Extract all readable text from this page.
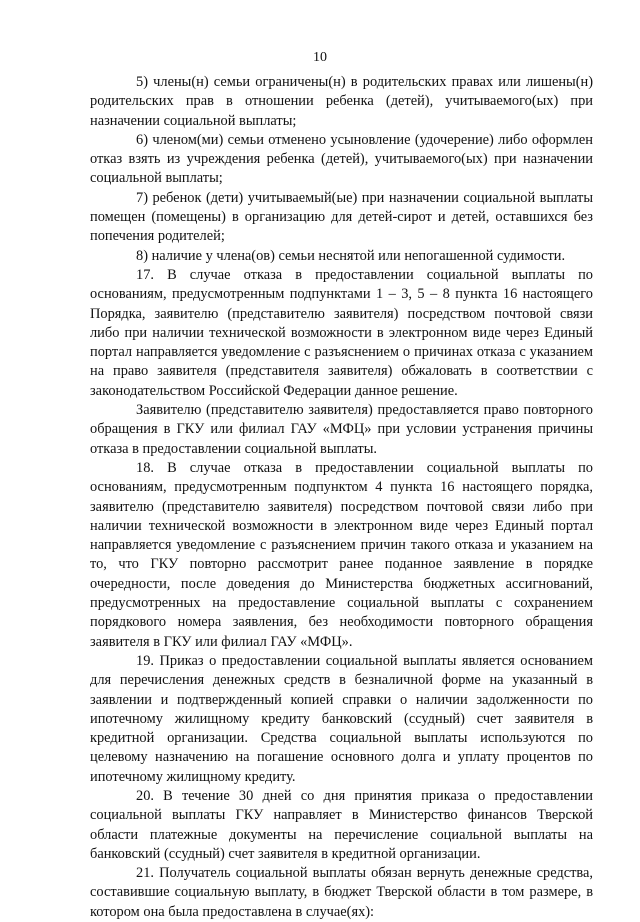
10

5) члены(н) семьи ограничены(н) в родительских правах или лишены(н) родительских прав в отношении ребенка (детей), учитываемого(ых) при назначении социальной выплаты;

6) членом(ми) семьи отменено усыновление (удочерение) либо оформлен отказ взять из учреждения ребенка (детей), учитываемого(ых) при назначении социальной выплаты;

7) ребенок (дети) учитываемый(ые) при назначении социальной выплаты помещен (помещены) в организацию для детей-сирот и детей, оставшихся без попечения родителей;

8) наличие у члена(ов) семьи неснятой или непогашенной судимости.

17. В случае отказа в предоставлении социальной выплаты по основаниям, предусмотренным подпунктами 1 – 3, 5 – 8 пункта 16 настоящего Порядка, заявителю (представителю заявителя) посредством почтовой связи либо при наличии технической возможности в электронном виде через Единый портал направляется уведомление с разъяснением о причинах отказа с указанием на право заявителя (представителя заявителя) обжаловать в соответствии с законодательством Российской Федерации данное решение.

Заявителю (представителю заявителя) предоставляется право повторного обращения в ГКУ или филиал ГАУ «МФЦ» при условии устранения причины отказа в предоставлении социальной выплаты.

18. В случае отказа в предоставлении социальной выплаты по основаниям, предусмотренным подпунктом 4 пункта 16 настоящего порядка, заявителю (представителю заявителя) посредством почтовой связи либо при наличии технической возможности в электронном виде через Единый портал направляется уведомление с разъяснением причин такого отказа и указанием на то, что ГКУ повторно рассмотрит ранее поданное заявление в порядке очередности, после доведения до Министерства бюджетных ассигнований, предусмотренных на предоставление социальной выплаты с сохранением порядкового номера заявления, без необходимости повторного обращения заявителя в ГКУ или филиал ГАУ «МФЦ».

19. Приказ о предоставлении социальной выплаты является основанием для перечисления денежных средств в безналичной форме на указанный в заявлении и подтвержденный копией справки о наличии задолженности по ипотечному жилищному кредиту банковский (ссудный) счет заявителя в кредитной организации. Средства социальной выплаты используются по целевому назначению на погашение основного долга и уплату процентов по ипотечному жилищному кредиту.

20. В течение 30 дней со дня принятия приказа о предоставлении социальной выплаты ГКУ направляет в Министерство финансов Тверской области платежные документы на перечисление социальной выплаты на банковский (ссудный) счет заявителя в кредитной организации.

21. Получатель социальной выплаты обязан вернуть денежные средства, составившие социальную выплату, в бюджет Тверской области в том размере, в котором она была предоставлена в случае(ях):
